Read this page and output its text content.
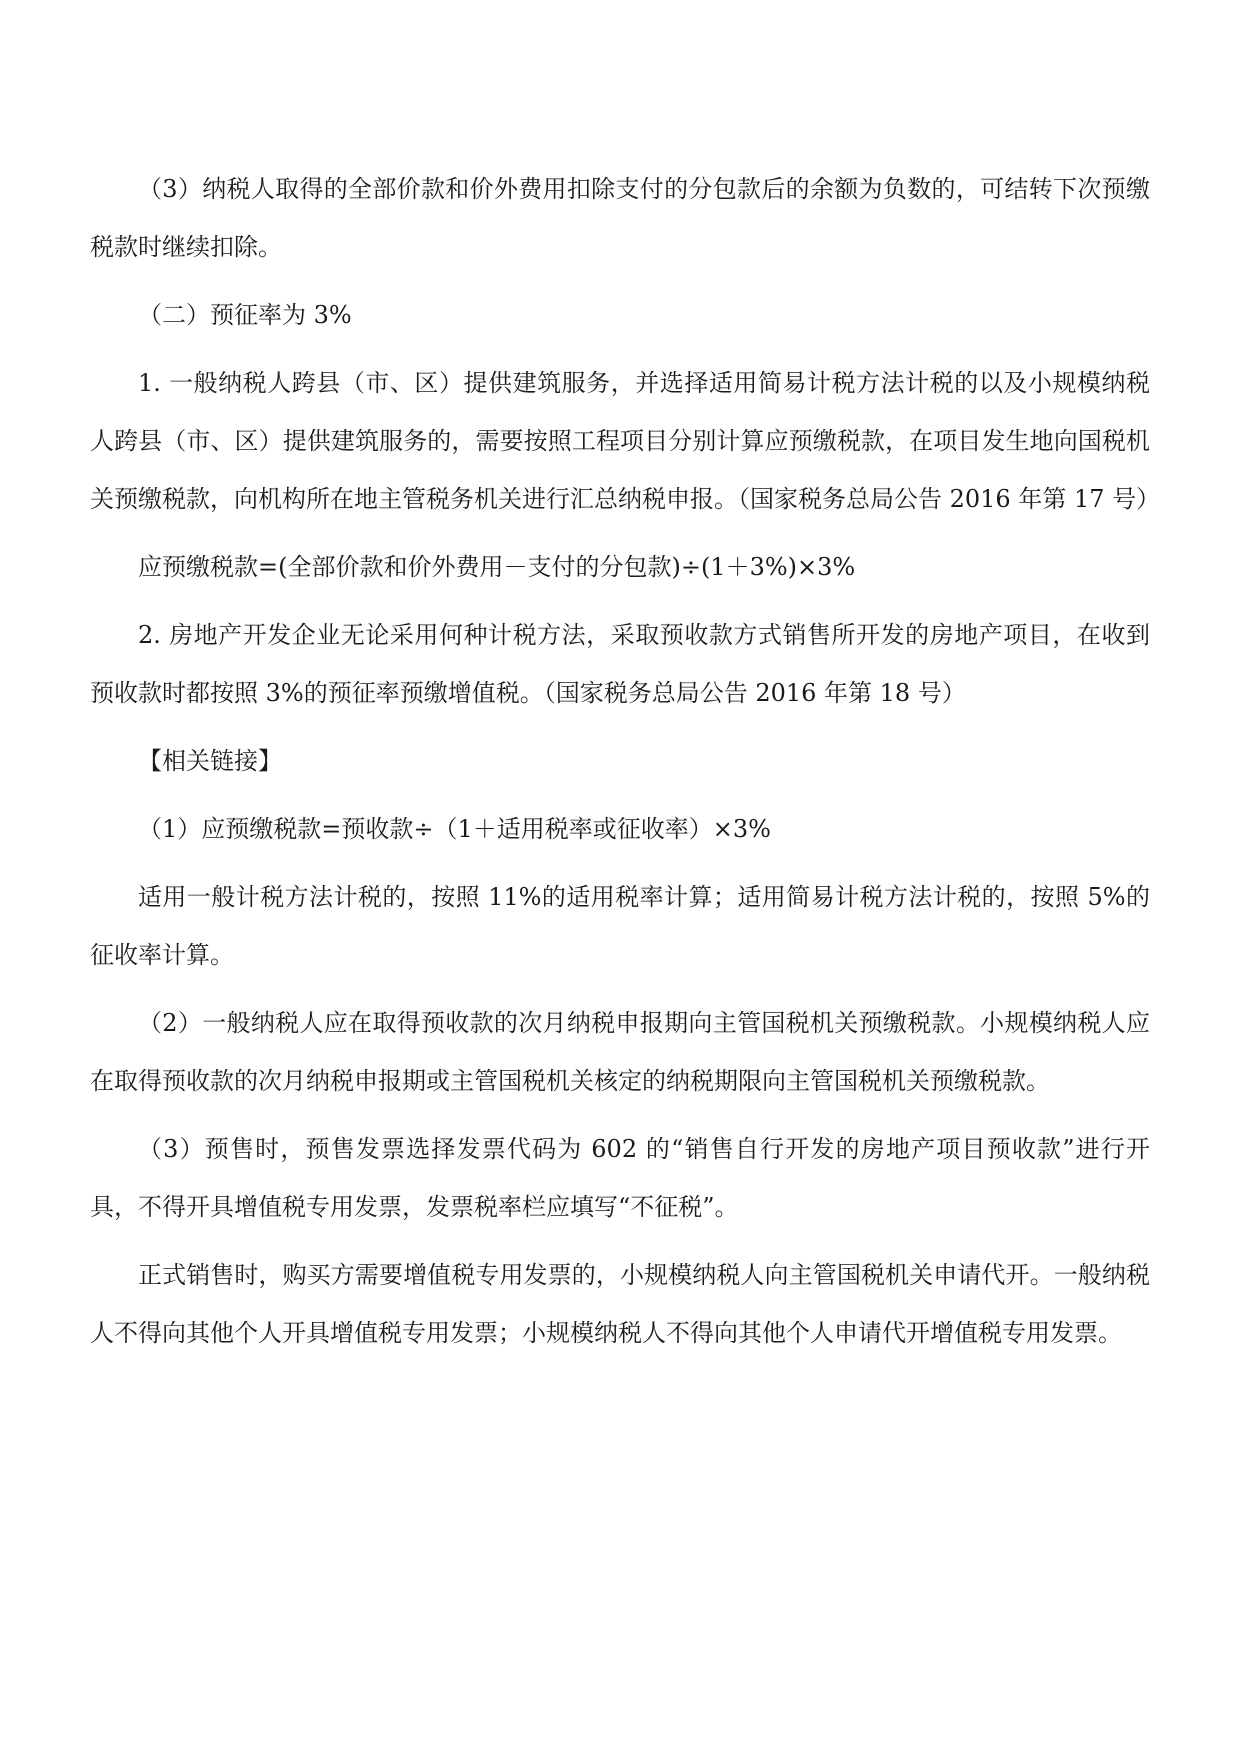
（3）纳税人取得的全部价款和价外费用扣除支付的分包款后的余额为负数的，可结转下次预缴税款时继续扣除。

（二）预征率为 3%

1. 一般纳税人跨县（市、区）提供建筑服务，并选择适用简易计税方法计税的以及小规模纳税人跨县（市、区）提供建筑服务的，需要按照工程项目分别计算应预缴税款，在项目发生地向国税机关预缴税款，向机构所在地主管税务机关进行汇总纳税申报。（国家税务总局公告 2016 年第 17 号）

应预缴税款=(全部价款和价外费用－支付的分包款)÷(1＋3%)×3%

2. 房地产开发企业无论采用何种计税方法，采取预收款方式销售所开发的房地产项目，在收到预收款时都按照 3%的预征率预缴增值税。（国家税务总局公告 2016 年第 18 号）

【相关链接】

（1）应预缴税款=预收款÷（1＋适用税率或征收率）×3%

适用一般计税方法计税的，按照 11%的适用税率计算；适用简易计税方法计税的，按照 5%的征收率计算。

（2）一般纳税人应在取得预收款的次月纳税申报期向主管国税机关预缴税款。小规模纳税人应在取得预收款的次月纳税申报期或主管国税机关核定的纳税期限向主管国税机关预缴税款。

（3）预售时，预售发票选择发票代码为 602 的“销售自行开发的房地产项目预收款”进行开具，不得开具增值税专用发票，发票税率栏应填写“不征税”。

正式销售时，购买方需要增值税专用发票的，小规模纳税人向主管国税机关申请代开。一般纳税人不得向其他个人开具增值税专用发票；小规模纳税人不得向其他个人申请代开增值税专用发票。
